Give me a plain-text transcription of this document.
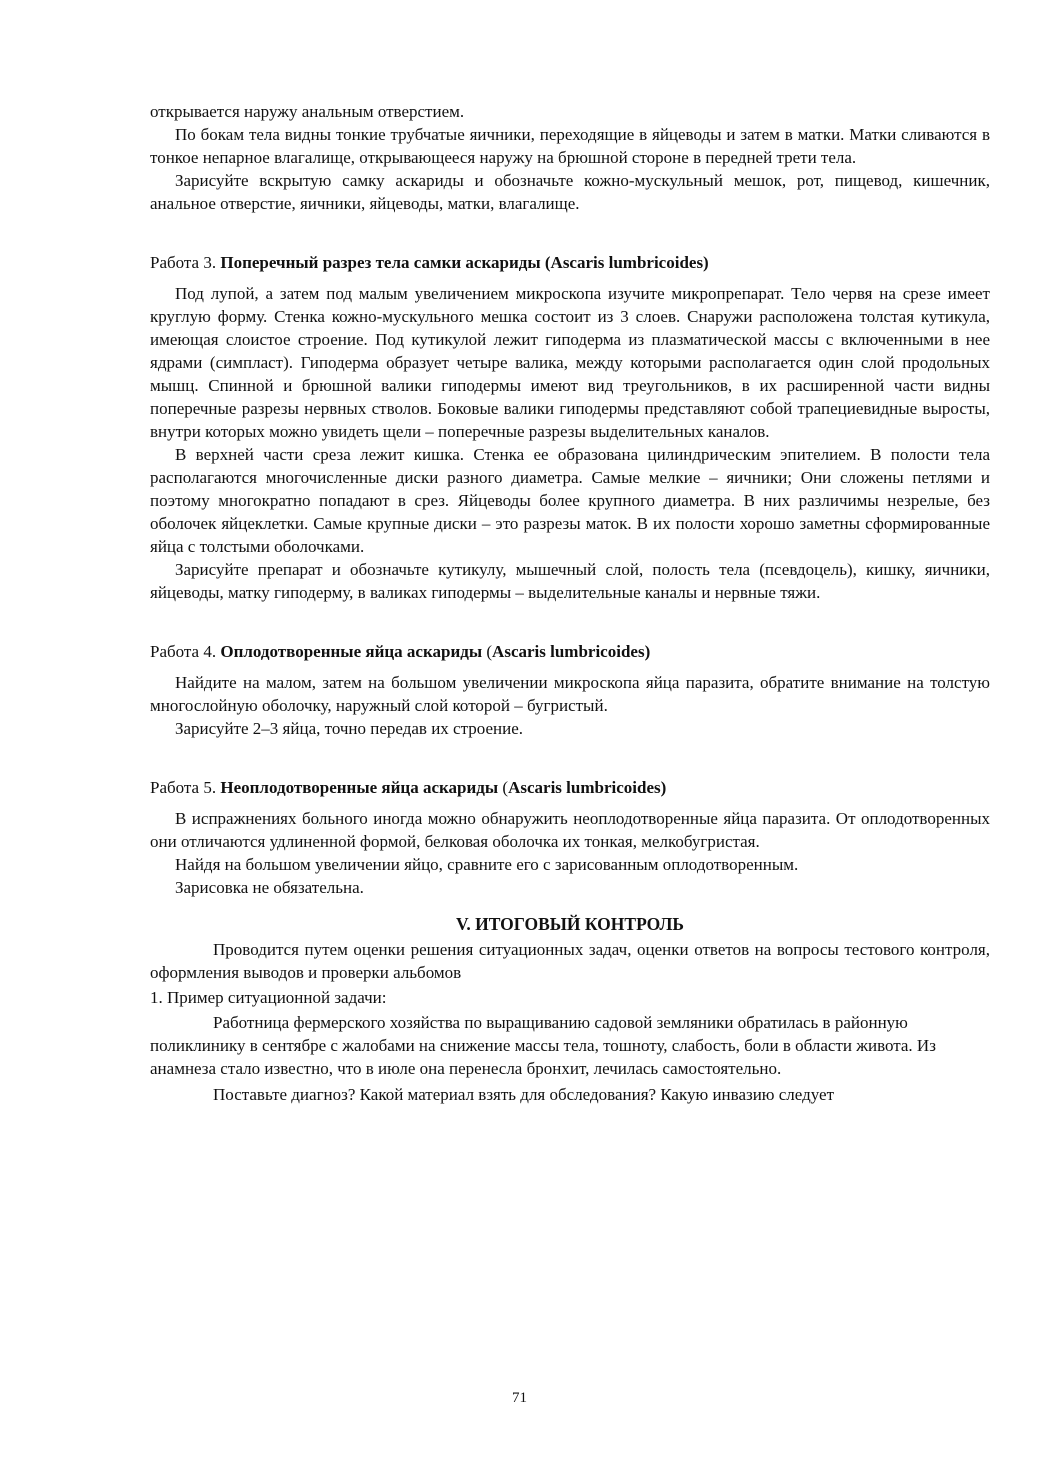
открывается наружу анальным отверстием.

По бокам тела видны тонкие трубчатые яичники, переходящие в яйцеводы и затем в матки. Матки сливаются в тонкое непарное влагалище, открывающееся наружу на брюшной стороне в передней трети тела.

Зарисуйте вскрытую самку аскариды и обозначьте кожно-мускульный мешок, рот, пищевод, кишечник, анальное отверстие, яичники, яйцеводы, матки, влагалище.

Работа 3. Поперечный разрез тела самки аскариды (Ascaris lumbricoides)

Под лупой, а затем под малым увеличением микроскопа изучите микропрепарат. Тело червя на срезе имеет круглую форму. Стенка кожно-мускульного мешка состоит из 3 слоев. Снаружи расположена толстая кутикула, имеющая слоистое строение. Под кутикулой лежит гиподерма из плазматической массы с включенными в нее ядрами (симпласт). Гиподерма образует четыре валика, между которыми располагается один слой продольных мышц. Спинной и брюшной валики гиподермы имеют вид треугольников, в их расширенной части видны поперечные разрезы нервных стволов. Боковые валики гиподермы представляют собой трапециевидные выросты, внутри которых можно увидеть щели – поперечные разрезы выделительных каналов.

В верхней части среза лежит кишка. Стенка ее образована цилиндрическим эпителием. В полости тела располагаются многочисленные диски разного диаметра. Самые мелкие – яичники; Они сложены петлями и поэтому многократно попадают в срез. Яйцеводы более крупного диаметра. В них различимы незрелые, без оболочек яйцеклетки. Самые крупные диски – это разрезы маток. В их полости хорошо заметны сформированные яйца с толстыми оболочками.

Зарисуйте препарат и обозначьте кутикулу, мышечный слой, полость тела (псевдоцель), кишку, яичники, яйцеводы, матку гиподерму, в валиках гиподермы – выделительные каналы и нервные тяжи.

Работа 4. Оплодотворенные яйца аскариды (Ascaris lumbricoides)

Найдите на малом, затем на большом увеличении микроскопа яйца паразита, обратите внимание на толстую многослойную оболочку, наружный слой которой – бугристый.

Зарисуйте 2–3 яйца, точно передав их строение.

Работа 5. Неоплодотворенные яйца аскариды (Ascaris lumbricoides)

В испражнениях больного иногда можно обнаружить неоплодотворенные яйца паразита. От оплодотворенных они отличаются удлиненной формой, белковая оболочка их тонкая, мелкобугристая.

Найдя на большом увеличении яйцо, сравните его с зарисованным оплодотворенным.

Зарисовка не обязательна.

V. ИТОГОВЫЙ КОНТРОЛЬ

Проводится путем оценки решения ситуационных задач, оценки ответов на вопросы тестового контроля, оформления выводов и проверки альбомов

1. Пример ситуационной задачи:

Работница фермерского хозяйства по выращиванию садовой земляники обратилась в районную поликлинику в сентябре с жалобами на снижение массы тела, тошноту, слабость, боли в области живота. Из анамнеза стало известно, что в июле она перенесла бронхит, лечилась самостоятельно.

Поставьте диагноз? Какой материал взять для обследования? Какую инвазию следует

71
